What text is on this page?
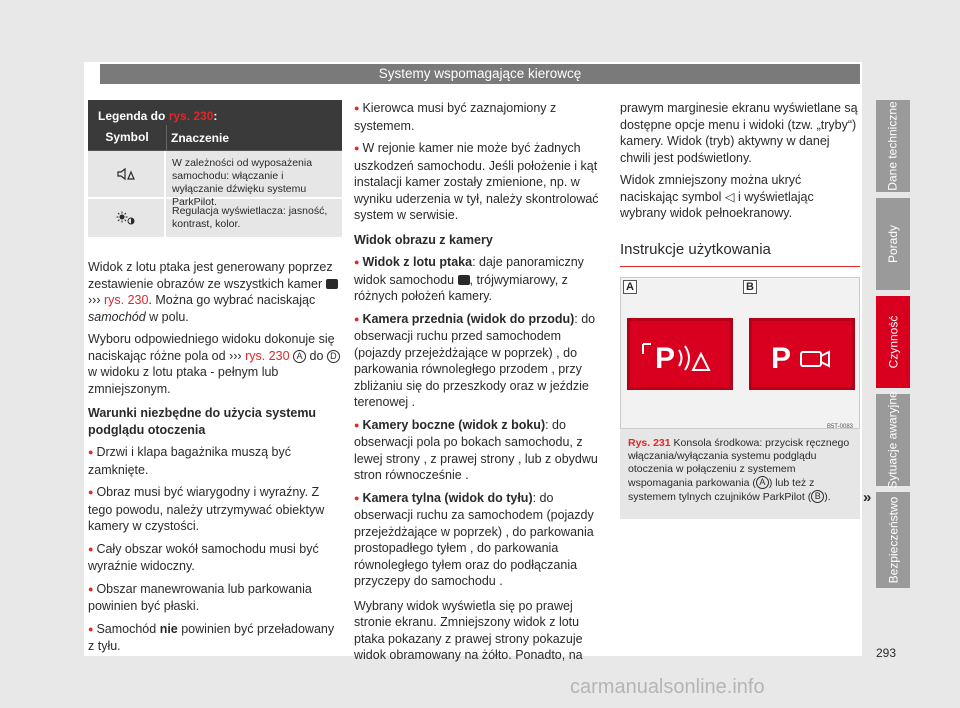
Systemy wspomagające kierowcę
Legenda do rys. 230:
Symbol	Znaczenie
W zależności od wyposażenia samochodu: włączanie i wyłączanie dźwięku systemu ParkPilot.
Regulacja wyświetlacza: jasność, kontrast, kolor.

Widok z lotu ptaka jest generowany poprzez zestawienie obrazów ze wszystkich kamer  ››› rys. 230. Można go wybrać naciskając samochód w polu.

Wyboru odpowiedniego widoku dokonuje się naciskając różne pola od ››› rys. 230 A do D w widoku z lotu ptaka - pełnym lub zmniejszonym.

Warunki niezbędne do użycia systemu podglądu otoczenia

● Drzwi i klapa bagażnika muszą być zamknięte.

● Obraz musi być wiarygodny i wyraźny. Z tego powodu, należy utrzymywać obiektyw kamery w czystości.

● Cały obszar wokół samochodu musi być wyraźnie widoczny.

● Obszar manewrowania lub parkowania powinien być płaski.

● Samochód nie powinien być przeładowany z tyłu.

● Kierowca musi być zaznajomiony z systemem.

● W rejonie kamer nie może być żadnych uszkodzeń samochodu. Jeśli położenie i kąt instalacji kamer zostały zmienione, np. w wyniku uderzenia w tył, należy skontrolować system w serwisie.

Widok obrazu z kamery

● Widok z lotu ptaka: daje panoramiczny widok samochodu , trójwymiarowy, z różnych położeń kamery.

● Kamera przednia (widok do przodu): do obserwacji ruchu przed samochodem (pojazdy przejeżdżające w poprzek) , do parkowania równoległego przodem , przy zbliżaniu się do przeszkody oraz w jeździe terenowej .

● Kamery boczne (widok z boku): do obserwacji pola po bokach samochodu, z lewej strony , z prawej strony , lub z obydwu stron równocześnie .

● Kamera tylna (widok do tyłu): do obserwacji ruchu za samochodem (pojazdy przejeżdżające w poprzek) , do parkowania prostopadłego tyłem , do parkowania równoległego tyłem oraz do podłączania przyczepy do samochodu .

Wybrany widok wyświetla się po prawej stronie ekranu. Zmniejszony widok z lotu ptaka pokazany z prawej strony pokazuje widok obramowany na żółto. Ponadto, na

prawym marginesie ekranu wyświetlane są dostępne opcje menu i widoki (tzw. „tryby“) kamery. Widok (tryb) aktywny w danej chwili jest podświetlony.

Widok zmniejszony można ukryć naciskając symbol ◁ i wyświetlając wybrany widok pełnoekranowy.

Instrukcje użytkowania
A	B
P	P
B5T-0083
Rys. 231 Konsola środkowa: przycisk ręcznego włączania/wyłączania systemu podglądu otoczenia w połączeniu z systemem wspomagania parkowania ( A ) lub też z systemem tylnych czujników ParkPilot ( B ).	»
Dane techniczne
Porady
Czynność
Sytuacje awaryjne
Bezpieczeństwo
293
carmanualsonline.info
